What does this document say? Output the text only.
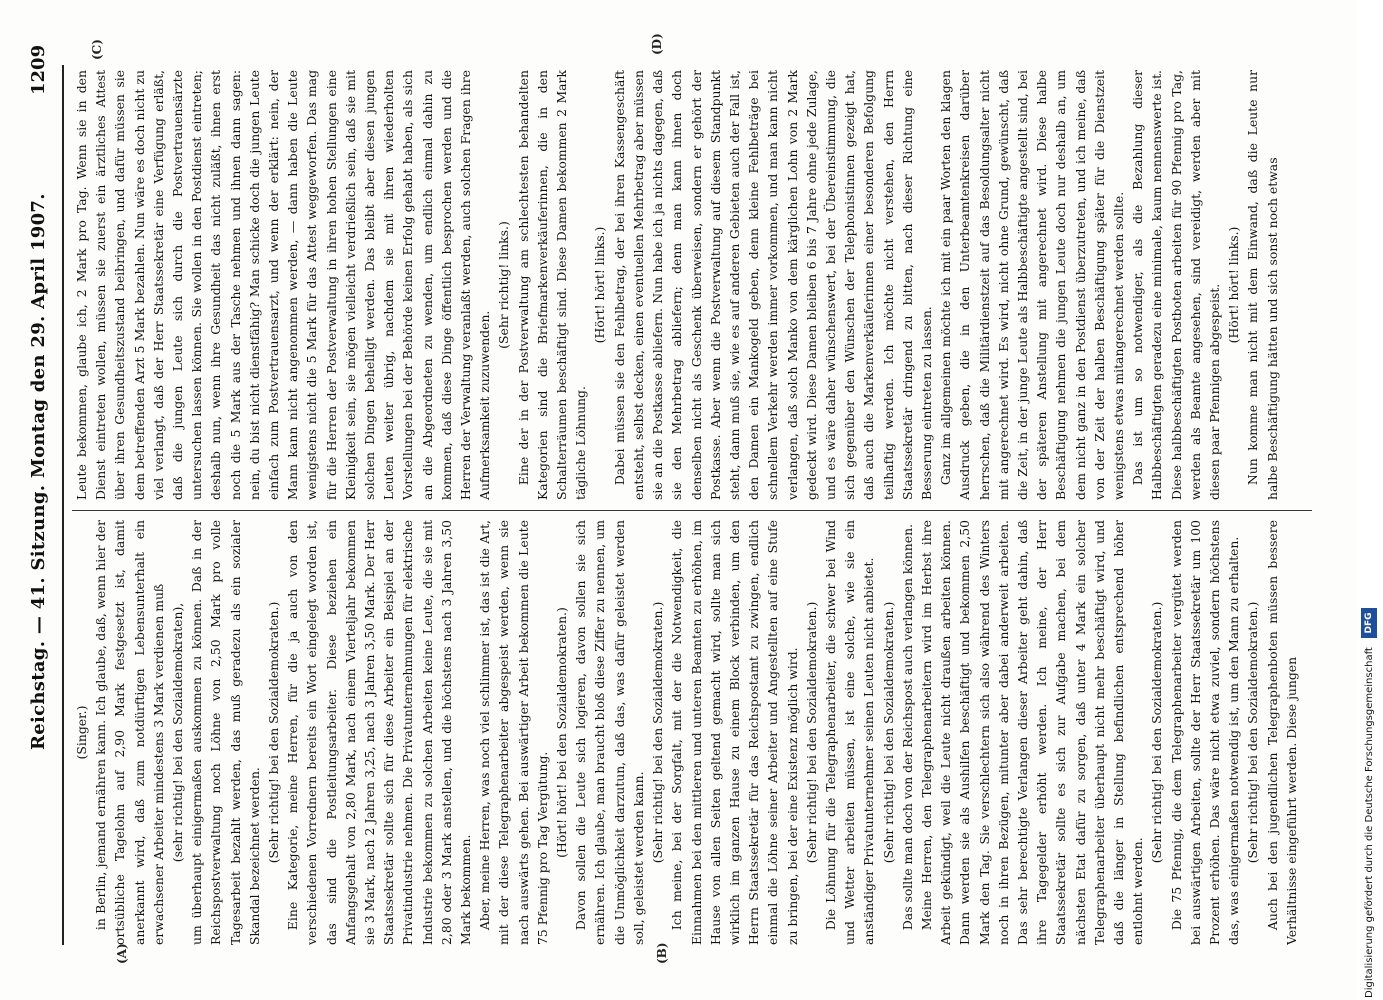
Reichstag. — 41. Sitzung. Montag den 29. April 1907.
1209
(A)	(B)
(C)	(D)

(Singer.) in Berlin, jemand ernähren kann. Ich glaube, daß, wenn hier der ortsübliche Tagelohn auf 2,90 Mark festgesetzt ist, damit anerkannt wird, daß zum notdürftigen Lebensunterhalt ein erwachsener Arbeiter mindestens 3 Mark verdienen muß (sehr richtig! bei den Sozialdemokraten), um überhaupt einigermaßen auskommen zu können. Daß in der Reichspostverwaltung noch Löhne von 2,50 Mark pro volle Tagesarbeit bezahlt werden, das muß geradezu als ein sozialer Skandal bezeichnet werden. (Sehr richtig! bei den Sozialdemokraten.) Eine Kategorie, meine Herren, für die ja auch von den verschiedenen Vorrednern bereits ein Wort eingelegt worden ist, das sind die Postleitungsarbeiter. Diese beziehen ein Anfangsgehalt von 2,80 Mark, nach einem Vierteljahr bekommen sie 3 Mark, nach 2 Jahren 3,25, nach 3 Jahren 3,50 Mark. Der Herr Staatssekretär sollte sich für diese Arbeiter ein Beispiel an der Privatindustrie nehmen. Die Privatunternehmungen für elektrische Industrie bekommen zu solchen Arbeiten keine Leute, die sie mit 2,80 oder 3 Mark anstellen, und die höchstens nach 3 Jahren 3,50 Mark bekommen. Aber, meine Herren, was noch viel schlimmer ist, das ist die Art, mit der diese Telegraphenarbeiter abgespeist werden, wenn sie nach auswärts gehen. Bei auswärtiger Arbeit bekommen die Leute 75 Pfennig pro Tag Vergütung. (Hört! hört! bei den Sozialdemokraten.) Davon sollen die Leute sich logieren, davon sollen sie sich ernähren. Ich glaube, man braucht bloß diese Ziffer zu nennen, um die Unmöglichkeit darzutun, daß das, was dafür geleistet werden soll, geleistet werden kann. (Sehr richtig! bei den Sozialdemokraten.) Ich meine, bei der Sorgfalt, mit der die Notwendigkeit, die Einnahmen bei den mittleren und unteren Beamten zu erhöhen, im Hause von allen Seiten geltend gemacht wird, sollte man sich wirklich im ganzen Hause zu einem Block verbinden, um den Herrn Staatssekretär für das Reichspostamt zu zwingen, endlich einmal die Löhne seiner Arbeiter und Angestellten auf eine Stufe zu bringen, bei der eine Existenz möglich wird. (Sehr richtig! bei den Sozialdemokraten.) Die Löhnung für die Telegraphenarbeiter, die schwer bei Wind und Wetter arbeiten müssen, ist eine solche, wie sie ein anständiger Privatunternehmer seinen Leuten nicht anbietet. (Sehr richtig! bei den Sozialdemokraten.) Das sollte man doch von der Reichspost auch verlangen können. Meine Herren, den Telegraphenarbeitern wird im Herbst ihre Arbeit gekündigt, weil die Leute nicht draußen arbeiten können. Dann werden sie als Aushilfen beschäftigt und bekommen 2,50 Mark den Tag. Sie verschlechtern sich also während des Winters noch in ihren Bezügen, mitunter aber dabei anderweit arbeiten. Das sehr berechtigte Verlangen dieser Arbeiter geht dahin, daß ihre Tagegelder erhöht werden. Ich meine, der Herr Staatssekretär sollte es sich zur Aufgabe machen, bei dem nächsten Etat dafür zu sorgen, daß unter 4 Mark ein solcher Telegraphenarbeiter überhaupt nicht mehr beschäftigt wird, und daß die länger in Stellung befindlichen entsprechend höher entlohnt werden.

(Sehr richtig! bei den Sozialdemokraten.) Die 75 Pfennig, die dem Telegraphenarbeiter vergütet werden bei auswärtigen Arbeiten, sollte der Herr Staatssekretär um 100 Prozent erhöhen. Das wäre nicht etwa zuviel, sondern höchstens das, was einigermaßen notwendig ist, um den Mann zu erhalten. (Sehr richtig! bei den Sozialdemokraten.) Auch bei den jugendlichen Telegraphenboten müssen bessere Verhältnisse eingeführt werden. Diese jungen

Leute bekommen, glaube ich, 2 Mark pro Tag. Wenn sie in den Dienst eintreten wollen, müssen sie zuerst ein ärztliches Attest über ihren Gesundheitszustand beibringen, und dafür müssen sie dem betreffenden Arzt 5 Mark bezahlen. Nun wäre es doch nicht zu viel verlangt, daß der Herr Staatssekretär eine Verfügung erläßt, daß die jungen Leute sich durch die Postvertrauensärzte untersuchen lassen können. Sie wollen in den Postdienst eintreten; deshalb nun, wenn ihre Gesundheit das nicht zuläßt, ihnen erst noch die 5 Mark aus der Tasche nehmen und ihnen dann sagen: nein, du bist nicht dienstfähig? Man schicke doch die jungen Leute einfach zum Postvertrauensarzt, und wenn der erklärt: nein, der Mann kann nicht angenommen werden, — dann haben die Leute wenigstens nicht die 5 Mark für das Attest weggeworfen. Das mag für die Herren der Postverwaltung in ihren hohen Stellungen eine Kleinigkeit sein, sie mögen vielleicht verdrießlich sein, daß sie mit solchen Dingen behelligt werden. Das bleibt aber diesen jungen Leuten weiter übrig, nachdem sie mit ihren wiederholten Vorstellungen bei der Behörde keinen Erfolg gehabt haben, als sich an die Abgeordneten zu wenden, um endlich einmal dahin zu kommen, daß diese Dinge öffentlich besprochen werden und die Herren der Verwaltung veranlaßt werden, auch solchen Fragen ihre Aufmerksamkeit zuzuwenden.

(Sehr richtig! links.) Eine der in der Postverwaltung am schlechtesten behandelten Kategorien sind die Briefmarkenverkäuferinnen, die in den Schalterräumen beschäftigt sind. Diese Damen bekommen 2 Mark tägliche Löhnung.

(Hört! hört! links.) Dabei müssen sie den Fehlbetrag, der bei ihren Kassengeschäft entsteht, selbst decken, einen eventuellen Mehrbetrag aber müssen sie an die Postkasse abliefern. Nun habe ich ja nichts dagegen, daß sie den Mehrbetrag abliefern; denn man kann ihnen doch denselben nicht als Geschenk überweisen, sondern er gehört der Postkasse. Aber wenn die Postverwaltung auf diesem Standpunkt steht, dann muß sie, wie es auf anderen Gebieten auch der Fall ist, den Damen ein Mankogeld geben, denn kleine Fehlbeträge bei schnellem Verkehr werden immer vorkommen, und man kann nicht verlangen, daß solch Manko von dem kärglichen Lohn von 2 Mark gedeckt wird. Diese Damen bleiben 6 bis 7 Jahre ohne jede Zulage, und es wäre daher wünschenswert, bei der Übereinstimmung, die sich gegenüber den Wünschen der Telephonistinnen gezeigt hat, daß auch die Markenverkäuferinnen einer besonderen Befolgung teilhaftig werden. Ich möchte nicht verstehen, den Herrn Staatssekretär dringend zu bitten, nach dieser Richtung eine Besserung eintreten zu lassen. Ganz im allgemeinen möchte ich mit ein paar Worten den klagen Ausdruck geben, die in den Unterbeamtenkreisen darüber herrschen, daß die Militärdienstzeit auf das Besoldungsalter nicht mit angerechnet wird. Es wird, nicht ohne Grund, gewünscht, daß die Zeit, in der junge Leute als Halbbeschäftigte angestellt sind, bei der späteren Anstellung mit angerechnet wird. Diese halbe Beschäftigung nehmen die jungen Leute doch nur deshalb an, um dem nicht ganz in den Postdienst überzutreten, und ich meine, daß von der Zeit der halben Beschäftigung später für die Dienstzeit wenigstens etwas mitangerechnet werden sollte. Das ist um so notwendiger, als die Bezahlung dieser Halbbeschäftigten geradezu eine minimale, kaum nennenswerte ist. Diese halbbeschäftigten Postboten arbeiten für 90 Pfennig pro Tag, werden als Beamte angesehen, sind vereidigt, werden aber mit diesen paar Pfennigen abgespeist. (Hört! hört! links.) Nun komme man nicht mit dem Einwand, daß die Leute nur halbe Beschäftigung hätten und sich sonst noch etwas

Digitalisierung gefördert durch die Deutsche Forschungsgemeinschaft
DFG
